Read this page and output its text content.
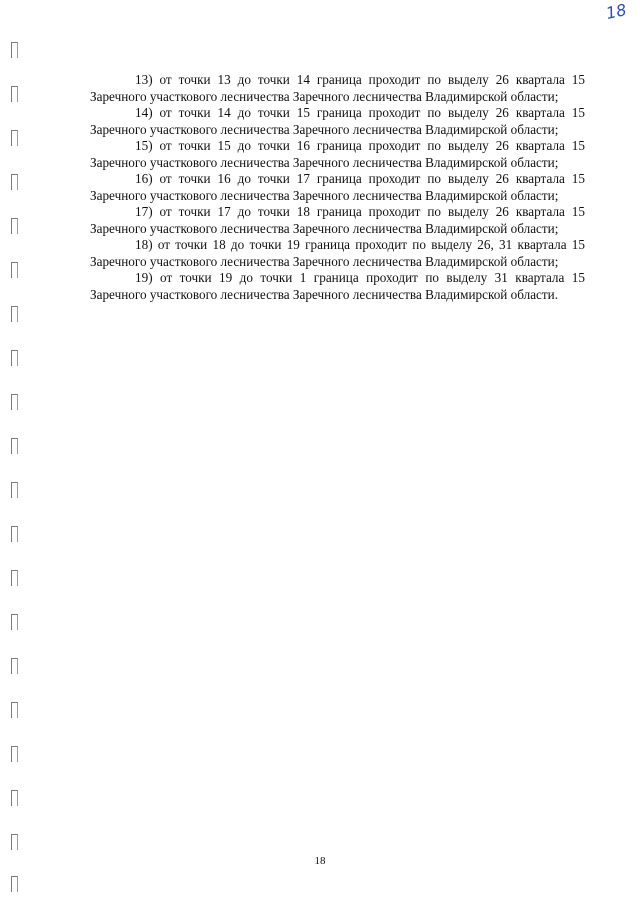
18

13) от точки 13 до точки 14 граница проходит по выделу 26 квартала 15 Заречного участкового лесничества Заречного лесничества Владимирской области;

14) от точки 14 до точки 15 граница проходит по выделу 26 квартала 15 Заречного участкового лесничества Заречного лесничества Владимирской области;

15) от точки 15 до точки 16 граница проходит по выделу 26 квартала 15 Заречного участкового лесничества Заречного лесничества Владимирской области;

16) от точки 16 до точки 17 граница проходит по выделу 26 квартала 15 Заречного участкового лесничества Заречного лесничества Владимирской области;

17) от точки 17 до точки 18 граница проходит по выделу 26 квартала 15 Заречного участкового лесничества Заречного лесничества Владимирской области;

18) от точки 18 до точки 19 граница проходит по выделу 26, 31 квартала 15 Заречного участкового лесничества Заречного лесничества Владимирской области;

19) от точки 19 до точки 1 граница проходит по выделу 31 квартала 15 Заречного участкового лесничества Заречного лесничества Владимирской области.

18
